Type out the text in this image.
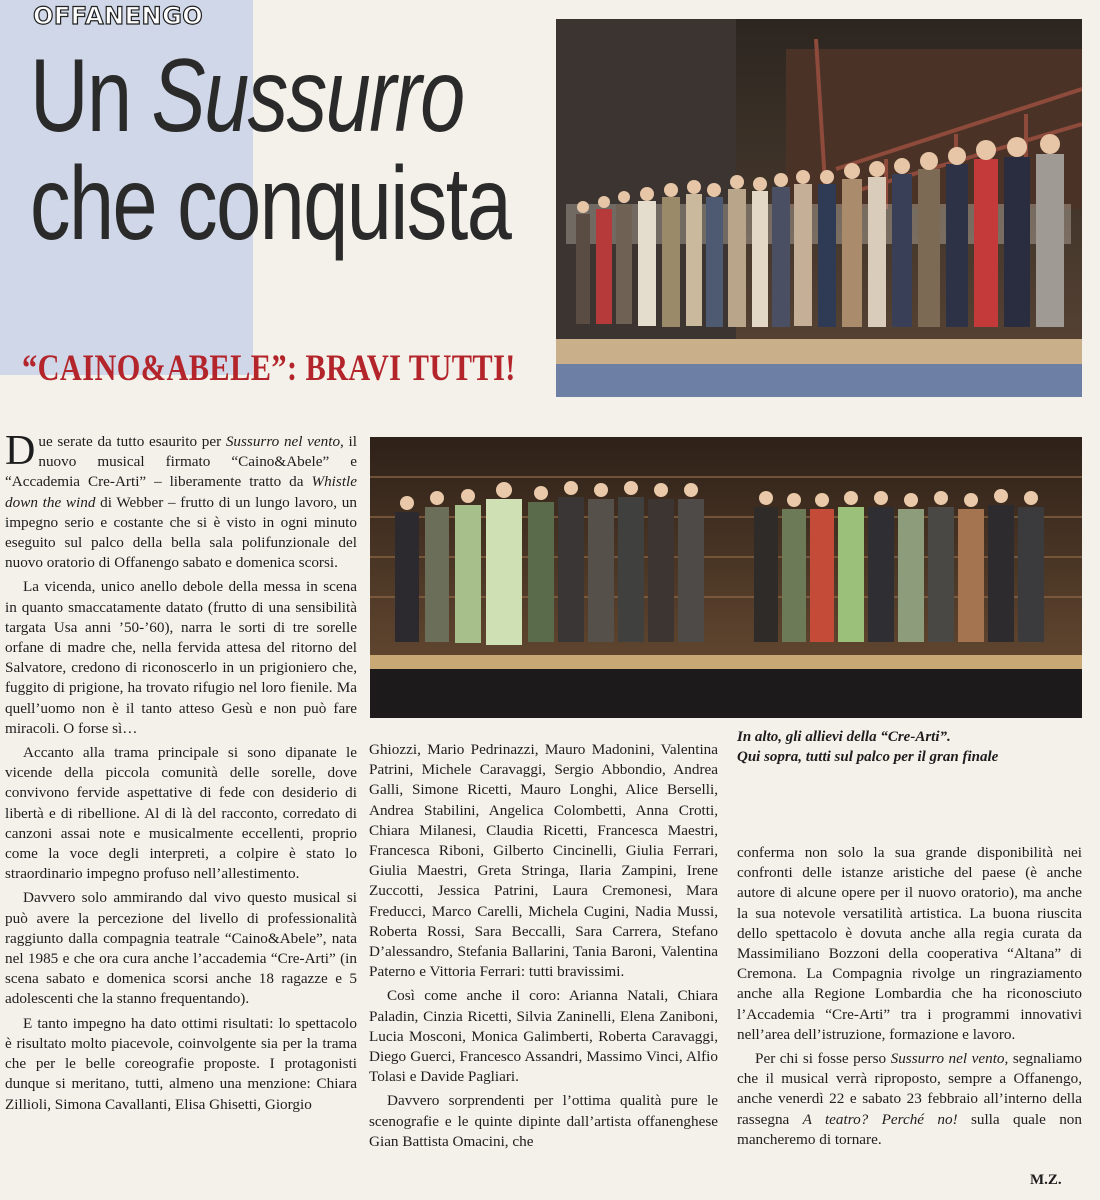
OFFANENGO
Un Sussurro
che conquista
“CAINO&ABELE”: BRAVI TUTTI!
In alto, gli allievi della “Cre-Arti”.
Qui sopra, tutti sul palco per il gran finale

Due serate da tutto esaurito per Sussurro nel vento, il nuovo musical firmato “Caino&Abele” e “Accademia Cre-Arti” – liberamente tratto da Whistle down the wind di Webber – frutto di un lungo lavoro, un impegno serio e costante che si è visto in ogni minuto eseguito sul palco della bella sala polifunzionale del nuovo oratorio di Offanengo sabato e domenica scorsi.

La vicenda, unico anello debole della messa in scena in quanto smaccatamente datato (frutto di una sensibilità targata Usa anni ’50-’60), narra le sorti di tre sorelle orfane di madre che, nella fervida attesa del ritorno del Salvatore, credono di riconoscerlo in un prigioniero che, fuggito di prigione, ha trovato rifugio nel loro fienile. Ma quell’uomo non è il tanto atteso Gesù e non può fare miracoli. O forse sì…

Accanto alla trama principale si sono dipanate le vicende della piccola comunità delle sorelle, dove convivono fervide aspettative di fede con desiderio di libertà e di ribellione. Al di là del racconto, corredato di canzoni assai note e musicalmente eccellenti, proprio come la voce degli interpreti, a colpire è stato lo straordinario impegno profuso nell’allestimento.

Davvero solo ammirando dal vivo questo musical si può avere la percezione del livello di professionalità raggiunto dalla compagnia teatrale “Caino&Abele”, nata nel 1985 e che ora cura anche l’accademia “Cre-Arti” (in scena sabato e domenica scorsi anche 18 ragazze e 5 adolescenti che la stanno frequentando).

E tanto impegno ha dato ottimi risultati: lo spettacolo è risultato molto piacevole, coinvolgente sia per la trama che per le belle coreografie proposte. I protagonisti dunque si meritano, tutti, almeno una menzione: Chiara Zillioli, Simona Cavallanti, Elisa Ghisetti, Giorgio

Ghiozzi, Mario Pedrinazzi, Mauro Madonini, Valentina Patrini, Michele Caravaggi, Sergio Abbondio, Andrea Galli, Simone Ricetti, Mauro Longhi, Alice Berselli, Andrea Stabilini, Angelica Colombetti, Anna Crotti, Chiara Milanesi, Claudia Ricetti, Francesca Maestri, Francesca Riboni, Gilberto Cincinelli, Giulia Ferrari, Giulia Maestri, Greta Stringa, Ilaria Zampini, Irene Zuccotti, Jessica Patrini, Laura Cremonesi, Mara Freducci, Marco Carelli, Michela Cugini, Nadia Mussi, Roberta Rossi, Sara Beccalli, Sara Carrera, Stefano D’alessandro, Stefania Ballarini, Tania Baroni, Valentina Paterno e Vittoria Ferrari: tutti bravissimi.

Così come anche il coro: Arianna Natali, Chiara Paladin, Cinzia Ricetti, Silvia Zaninelli, Elena Zaniboni, Lucia Mosconi, Monica Galimberti, Roberta Caravaggi, Diego Guerci, Francesco Assandri, Massimo Vinci, Alfio Tolasi e Davide Pagliari.

Davvero sorprendenti per l’ottima qualità pure le scenografie e le quinte dipinte dall’artista offanenghese Gian Battista Omacini, che

conferma non solo la sua grande disponibilità nei confronti delle istanze aristiche del paese (è anche autore di alcune opere per il nuovo oratorio), ma anche la sua notevole versatilità artistica. La buona riuscita dello spettacolo è dovuta anche alla regia curata da Massimiliano Bozzoni della cooperativa “Altana” di Cremona. La Compagnia rivolge un ringraziamento anche alla Regione Lombardia che ha riconosciuto l’Accademia “Cre-Arti” tra i programmi innovativi nell’area dell’istruzione, formazione e lavoro.

Per chi si fosse perso Sussurro nel vento, segnaliamo che il musical verrà riproposto, sempre a Offanengo, anche venerdì 22 e sabato 23 febbraio all’interno della rassegna A teatro? Perché no! sulla quale non mancheremo di tornare.

M.Z.
